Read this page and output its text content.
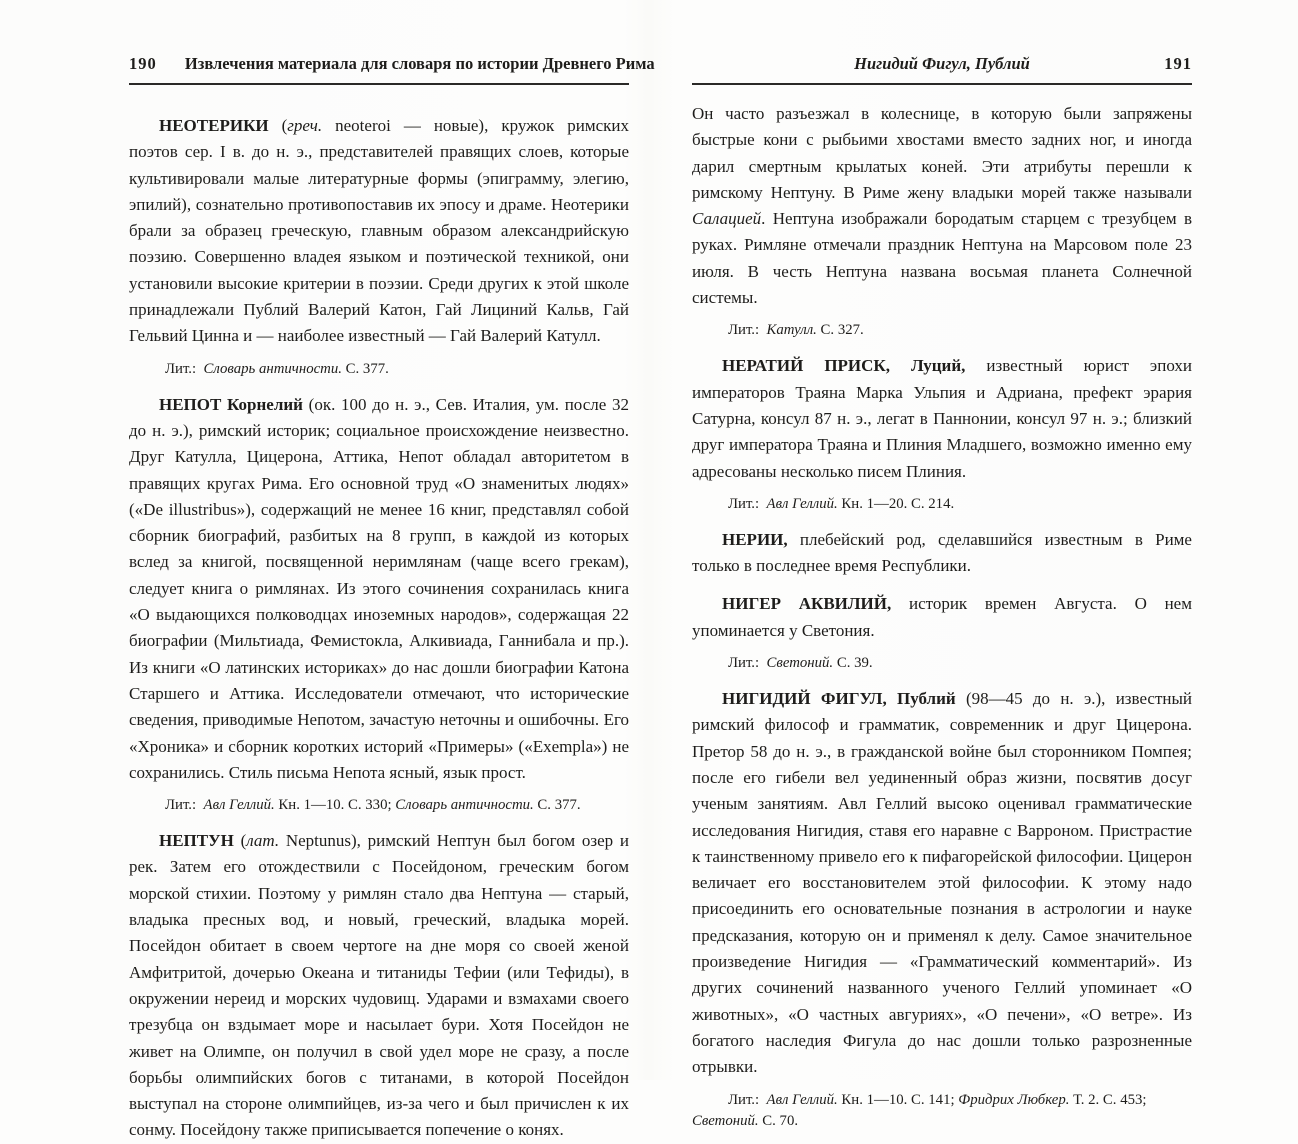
190 Извлечения материала для словаря по истории Древнего Рима

НЕОТЕРИКИ (греч. neoteroi — новые), кружок римских поэтов сер. I в. до н. э., представителей правящих слоев, которые культивировали малые литературные формы (эпиграмму, элегию, эпилий), сознательно противопоставив их эпосу и драме. Неотерики брали за образец греческую, главным образом александрийскую поэзию. Совершенно владея языком и поэтической техникой, они установили высокие критерии в поэзии. Среди других к этой школе принадлежали Публий Валерий Катон, Гай Лициний Кальв, Гай Гельвий Цинна и — наиболее известный — Гай Валерий Катулл.

Лит.: Словарь античности. С. 377.

НЕПОТ Корнелий (ок. 100 до н. э., Сев. Италия, ум. после 32 до н. э.), римский историк; социальное происхождение неизвестно. Друг Катулла, Цицерона, Аттика, Непот обладал авторитетом в правящих кругах Рима. Его основной труд «О знаменитых людях» («De illustribus»), содержащий не менее 16 книг, представлял собой сборник биографий, разбитых на 8 групп, в каждой из которых вслед за книгой, посвященной неримлянам (чаще всего грекам), следует книга о римлянах. Из этого сочинения сохранилась книга «О выдающихся полководцах иноземных народов», содержащая 22 биографии (Мильтиада, Фемистокла, Алкивиада, Ганнибала и пр.). Из книги «О латинских историках» до нас дошли биографии Катона Старшего и Аттика. Исследователи отмечают, что исторические сведения, приводимые Непотом, зачастую неточны и ошибочны. Его «Хроника» и сборник коротких историй «Примеры» («Exempla») не сохранились. Стиль письма Непота ясный, язык прост.

Лит.: Авл Геллий. Кн. 1—10. С. 330; Словарь античности. С. 377.

НЕПТУН (лат. Neptunus), римский Нептун был богом озер и рек. Затем его отождествили с Посейдоном, греческим богом морской стихии. Поэтому у римлян стало два Нептуна — старый, владыка пресных вод, и новый, греческий, владыка морей. Посейдон обитает в своем чертоге на дне моря со своей женой Амфитритой, дочерью Океана и титаниды Тефии (или Тефиды), в окружении нереид и морских чудовищ. Ударами и взмахами своего трезубца он вздымает море и насылает бури. Хотя Посейдон не живет на Олимпе, он получил в свой удел море не сразу, а после борьбы олимпийских богов с титанами, в которой Посейдон выступал на стороне олимпийцев, из-за чего и был причислен к их сонму. Посейдону также приписывается попечение о конях.

Нигидий Фигул, Публий	191

Он часто разъезжал в колеснице, в которую были запряжены быстрые кони с рыбьими хвостами вместо задних ног, и иногда дарил смертным крылатых коней. Эти атрибуты перешли к римскому Нептуну. В Риме жену владыки морей также называли Салацией. Нептуна изображали бородатым старцем с трезубцем в руках. Римляне отмечали праздник Нептуна на Марсовом поле 23 июля. В честь Нептуна названа восьмая планета Солнечной системы.

Лит.: Катулл. С. 327.

НЕРАТИЙ ПРИСК, Луций, известный юрист эпохи императоров Траяна Марка Ульпия и Адриана, префект эрария Сатурна, консул 87 н. э., легат в Паннонии, консул 97 н. э.; близкий друг императора Траяна и Плиния Младшего, возможно именно ему адресованы несколько писем Плиния.

Лит.: Авл Геллий. Кн. 1—20. С. 214.

НЕРИИ, плебейский род, сделавшийся известным в Риме только в последнее время Республики.

НИГЕР АКВИЛИЙ, историк времен Августа. О нем упоминается у Светония.

Лит.: Светоний. С. 39.

НИГИДИЙ ФИГУЛ, Публий (98—45 до н. э.), известный римский философ и грамматик, современник и друг Цицерона. Претор 58 до н. э., в гражданской войне был сторонником Помпея; после его гибели вел уединенный образ жизни, посвятив досуг ученым занятиям. Авл Геллий высоко оценивал грамматические исследования Нигидия, ставя его наравне с Варроном. Пристрастие к таинственному привело его к пифагорейской философии. Цицерон величает его восстановителем этой философии. К этому надо присоединить его основательные познания в астрологии и науке предсказания, которую он и применял к делу. Самое значительное произведение Нигидия — «Грамматический комментарий». Из других сочинений названного ученого Геллий упоминает «О животных», «О частных авгуриях», «О печени», «О ветре». Из богатого наследия Фигула до нас дошли только разрозненные отрывки.

Лит.: Авл Геллий. Кн. 1—10. С. 141; Фридрих Любкер. Т. 2. С. 453; Светоний. С. 70.
